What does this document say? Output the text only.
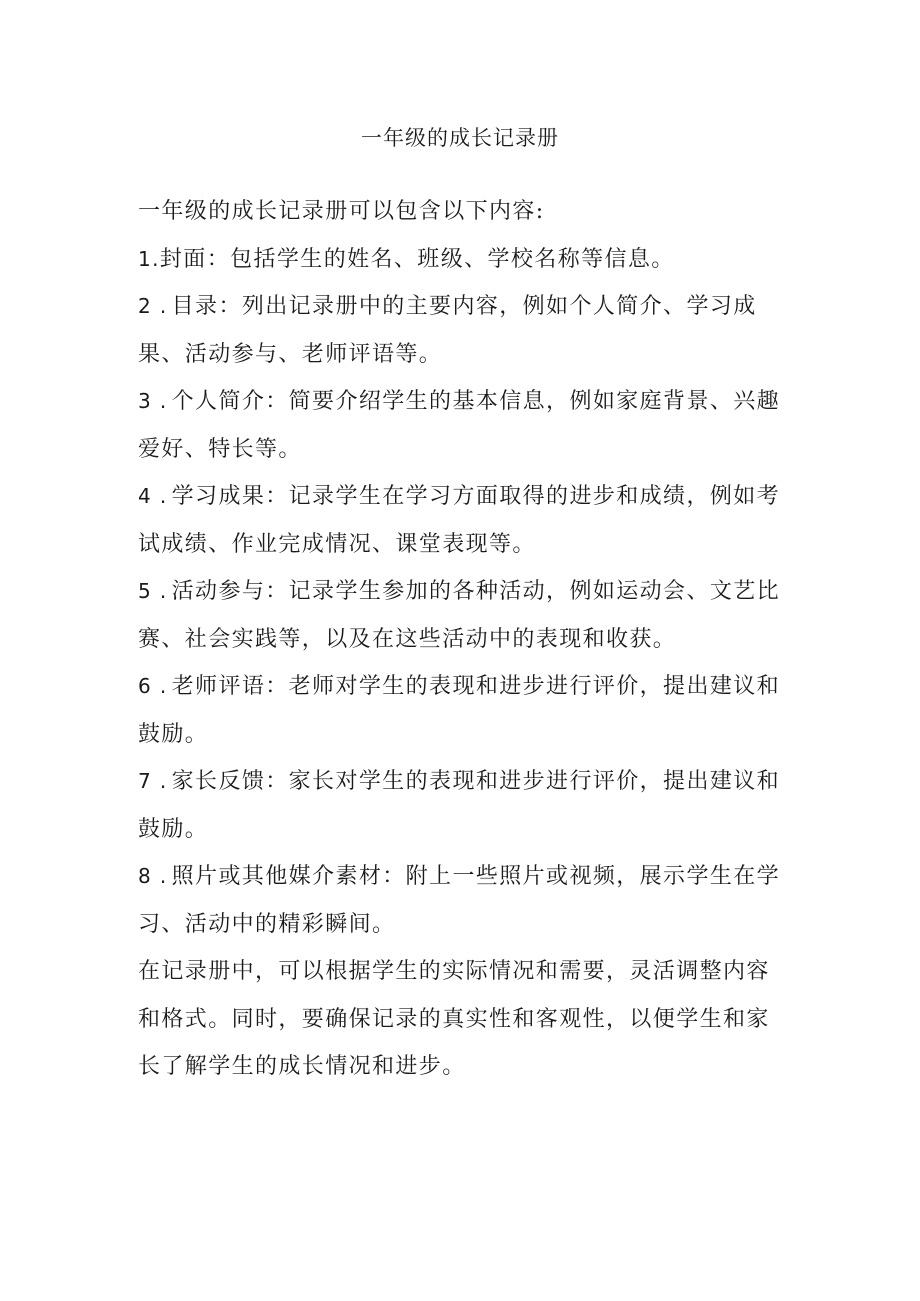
一年级的成长记录册

一年级的成长记录册可以包含以下内容:

1.封面：包括学生的姓名、班级、学校名称等信息。

2 . 目录：列出记录册中的主要内容，例如个人简介、学习成果、活动参与、老师评语等。

3 . 个人简介：简要介绍学生的基本信息，例如家庭背景、兴趣爱好、特长等。

4 . 学习成果：记录学生在学习方面取得的进步和成绩，例如考试成绩、作业完成情况、课堂表现等。

5 . 活动参与：记录学生参加的各种活动，例如运动会、文艺比赛、社会实践等，以及在这些活动中的表现和收获。

6 . 老师评语：老师对学生的表现和进步进行评价，提出建议和鼓励。

7 . 家长反馈：家长对学生的表现和进步进行评价，提出建议和鼓励。

8 . 照片或其他媒介素材：附上一些照片或视频，展示学生在学习、活动中的精彩瞬间。

在记录册中，可以根据学生的实际情况和需要，灵活调整内容和格式。同时，要确保记录的真实性和客观性，以便学生和家长了解学生的成长情况和进步。
